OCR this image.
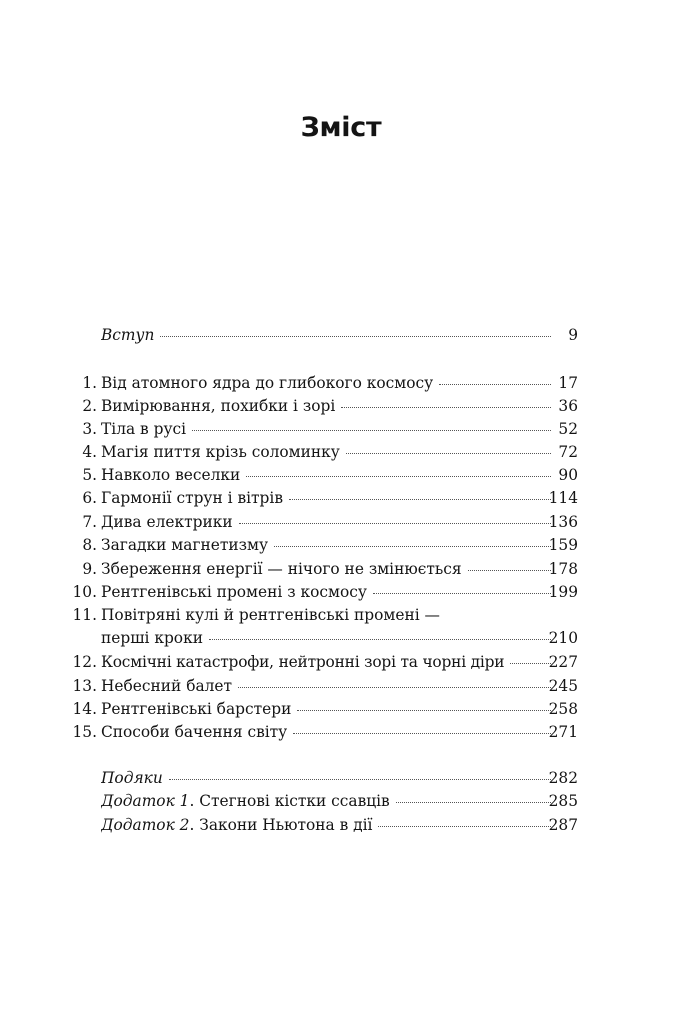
Зміст
Вступ	9
1. Від атомного ядра до глибокого космосу	17
2. Вимірювання, похибки і зорі	36
3. Тіла в русі	52
4. Магія пиття крізь соломинку	72
5. Навколо веселки	90
6. Гармонії струн і вітрів	114
7. Дива електрики	136
8. Загадки магнетизму	159
9. Збереження енергії — нічого не змінюється	178
10. Рентгенівські промені з космосу	199
11. Повітряні кулі й рентгенівські промені —
перші кроки	210
12. Космічні катастрофи, нейтронні зорі та чорні діри	227
13. Небесний балет	245
14. Рентгенівські барстери	258
15. Способи бачення світу	271
Подяки	282
Додаток 1 . Стегнові кістки ссавців	285
Додаток 2 . Закони Ньютона в дії	287
